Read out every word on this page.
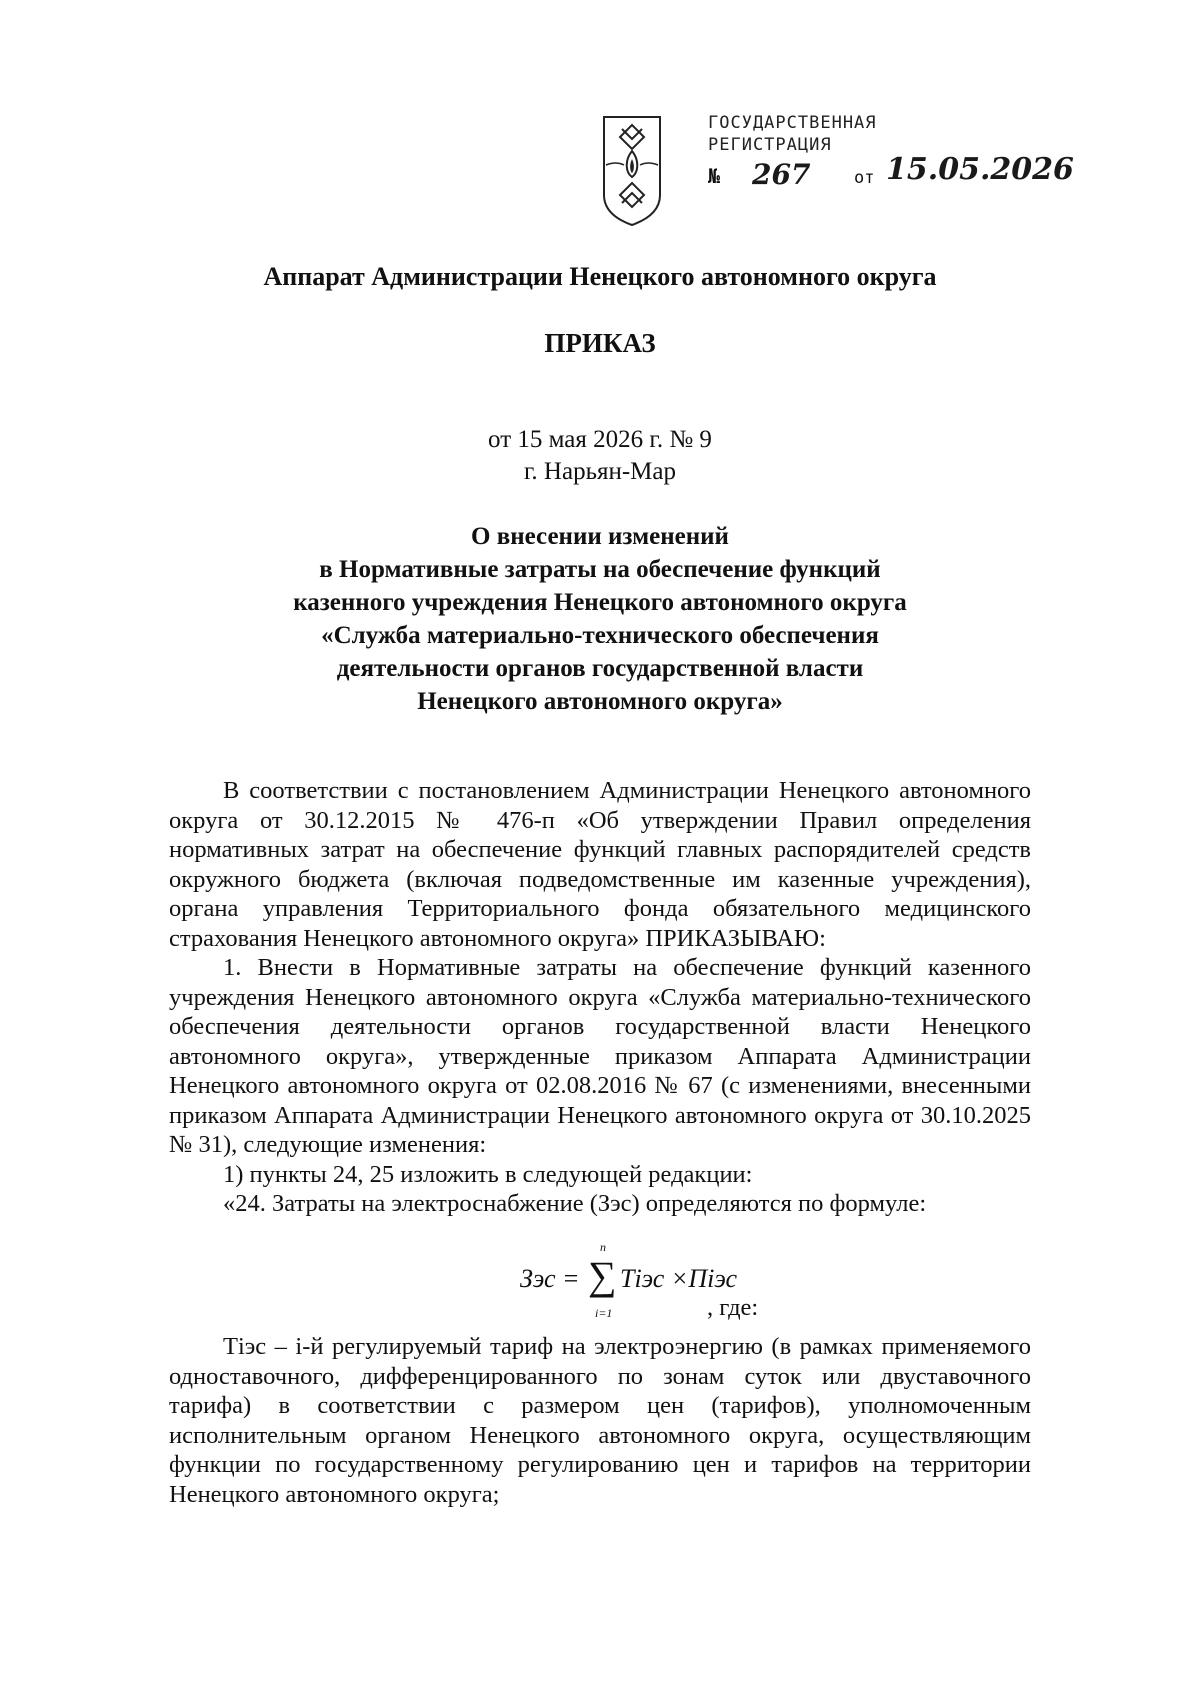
ГОСУДАРСТВЕННАЯ
РЕГИСТРАЦИЯ
№ 267	от 15.05.2026
Аппарат Администрации Ненецкого автономного округа
ПРИКАЗ
от 15 мая 2026 г. № 9
г. Нарьян-Мар
О внесении изменений
в Нормативные затраты на обеспечение функций
казенного учреждения Ненецкого автономного округа
«Служба материально-технического обеспечения
деятельности органов государственной власти
Ненецкого автономного округа»

В соответствии с постановлением Администрации Ненецкого автономного округа от 30.12.2015 № 476-п «Об утверждении Правил определения нормативных затрат на обеспечение функций главных распорядителей средств окружного бюджета (включая подведомственные им казенные учреждения), органа управления Территориального фонда обязательного медицинского страхования Ненецкого автономного округа» ПРИКАЗЫВАЮ:

1. Внести в Нормативные затраты на обеспечение функций казенного учреждения Ненецкого автономного округа «Служба материально-технического обеспечения деятельности органов государственной власти Ненецкого автономного округа», утвержденные приказом Аппарата Администрации Ненецкого автономного округа от 02.08.2016 № 67 (с изменениями, внесенными приказом Аппарата Администрации Ненецкого автономного округа от 30.10.2025 № 31), следующие изменения:

1) пункты 24, 25 изложить в следующей редакции:

«24. Затраты на электроснабжение (Зэс) определяются по формуле:

Зэс =
n
∑
i=1
Тiэс ×Пiэс
, где:

Тiэс – i-й регулируемый тариф на электроэнергию (в рамках применяемого одноставочного, дифференцированного по зонам суток или двуставочного тарифа) в соответствии с размером цен (тарифов), уполномоченным исполнительным органом Ненецкого автономного округа, осуществляющим функции по государственному регулированию цен и тарифов на территории Ненецкого автономного округа;
